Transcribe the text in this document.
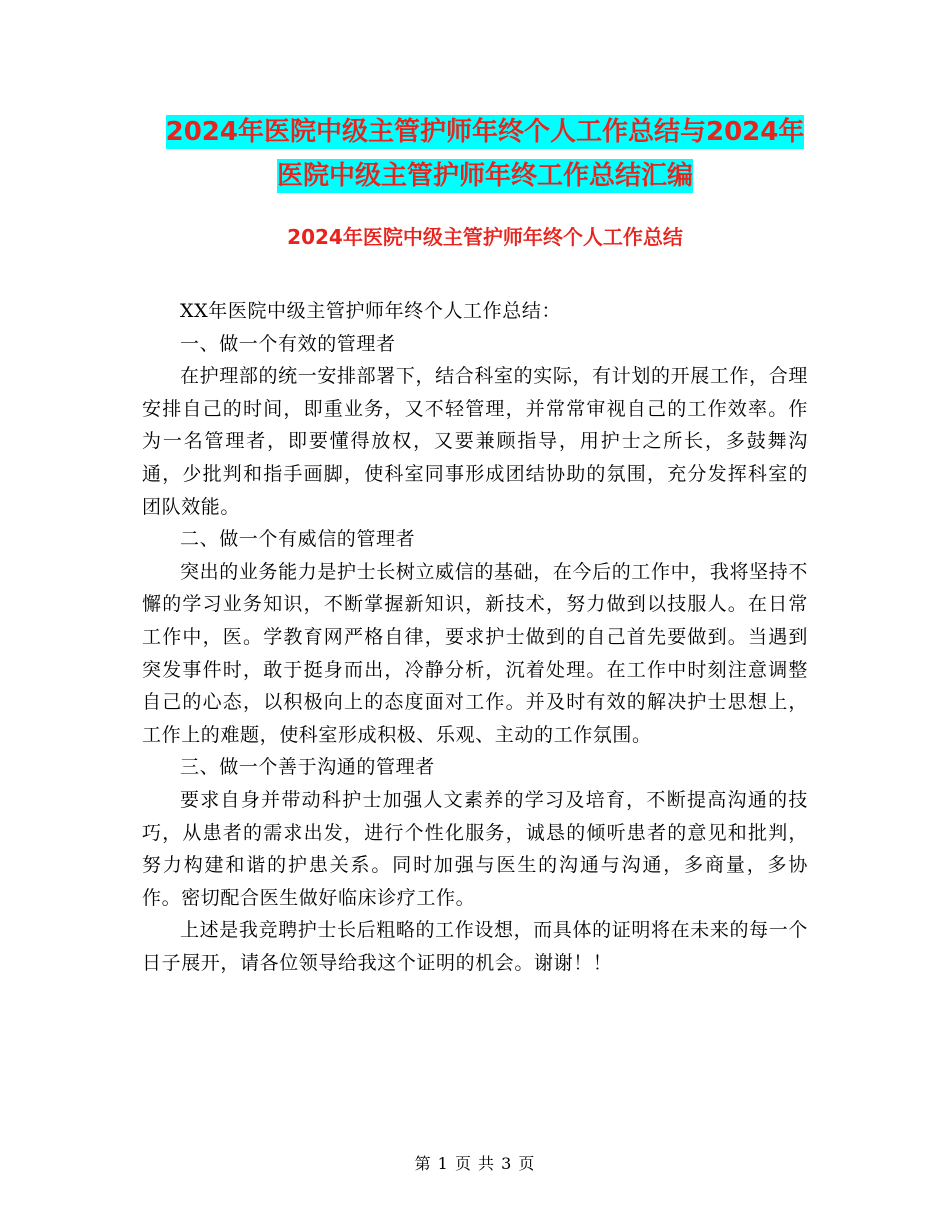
2024年医院中级主管护师年终个人工作总结与2024年
医院中级主管护师年终工作总结汇编
2024年医院中级主管护师年终个人工作总结

XX年医院中级主管护师年终个人工作总结：

一、做一个有效的管理者

在护理部的统一安排部署下，结合科室的实际，有计划的开展工作，合理安排自己的时间，即重业务，又不轻管理，并常常审视自己的工作效率。作为一名管理者，即要懂得放权，又要兼顾指导，用护士之所长，多鼓舞沟通，少批判和指手画脚，使科室同事形成团结协助的氛围，充分发挥科室的团队效能。

二、做一个有威信的管理者

突出的业务能力是护士长树立威信的基础，在今后的工作中，我将坚持不懈的学习业务知识，不断掌握新知识，新技术，努力做到以技服人。在日常工作中，医。学教育网严格自律，要求护士做到的自己首先要做到。当遇到突发事件时，敢于挺身而出，冷静分析，沉着处理。在工作中时刻注意调整自己的心态，以积极向上的态度面对工作。并及时有效的解决护士思想上，工作上的难题，使科室形成积极、乐观、主动的工作氛围。

三、做一个善于沟通的管理者

要求自身并带动科护士加强人文素养的学习及培育，不断提高沟通的技巧，从患者的需求出发，进行个性化服务，诚恳的倾听患者的意见和批判，努力构建和谐的护患关系。同时加强与医生的沟通与沟通，多商量，多协作。密切配合医生做好临床诊疗工作。

上述是我竞聘护士长后粗略的工作设想，而具体的证明将在未来的每一个日子展开，请各位领导给我这个证明的机会。谢谢！！

第 1 页 共 3 页
